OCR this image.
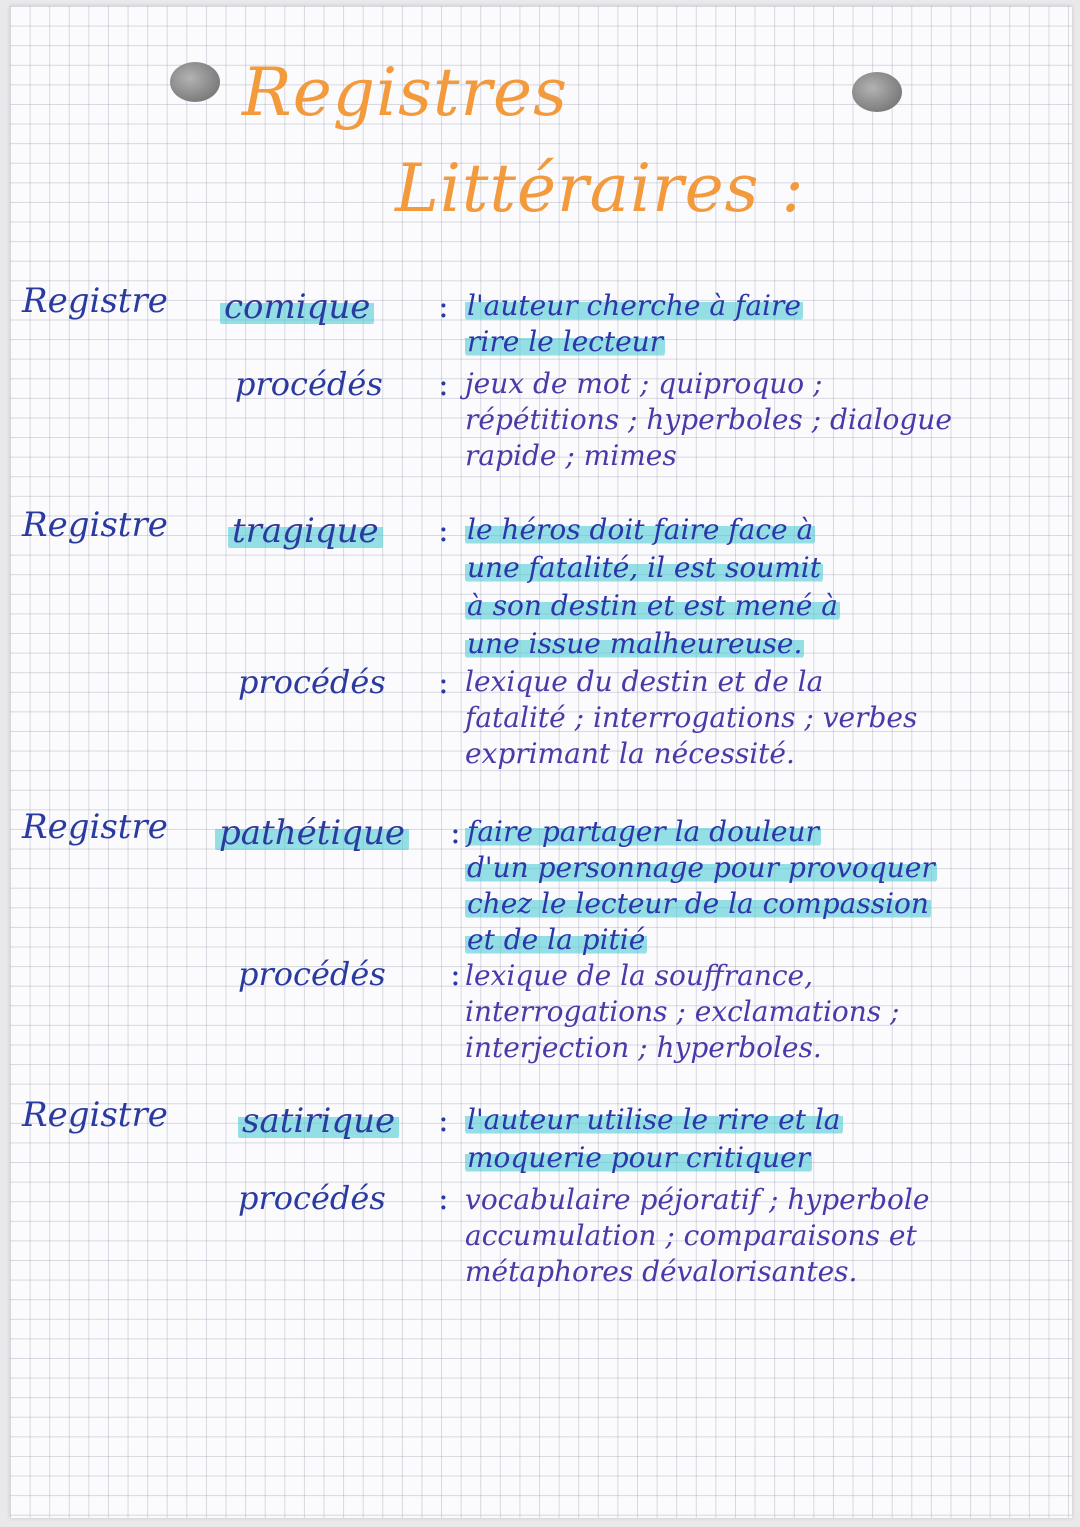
Registres
Littéraires :
Registre comique : l'auteur cherche à faire
rire le lecteur
procédés : jeux de mot ; quiproquo ;
répétitions ; hyperboles ; dialogue
rapide ; mimes
Registre tragique : le héros doit faire face à
une fatalité, il est soumit
à son destin et est mené à
une issue malheureuse.
procédés : lexique du destin et de la
fatalité ; interrogations ; verbes
exprimant la nécessité.
Registre pathétique : faire partager la douleur
d'un personnage pour provoquer
chez le lecteur de la compassion
et de la pitié
procédés : lexique de la souffrance,
interrogations ; exclamations ;
interjection ; hyperboles.
Registre satirique : l'auteur utilise le rire et la
moquerie pour critiquer
procédés : vocabulaire péjoratif ; hyperbole
accumulation ; comparaisons et
métaphores dévalorisantes.
